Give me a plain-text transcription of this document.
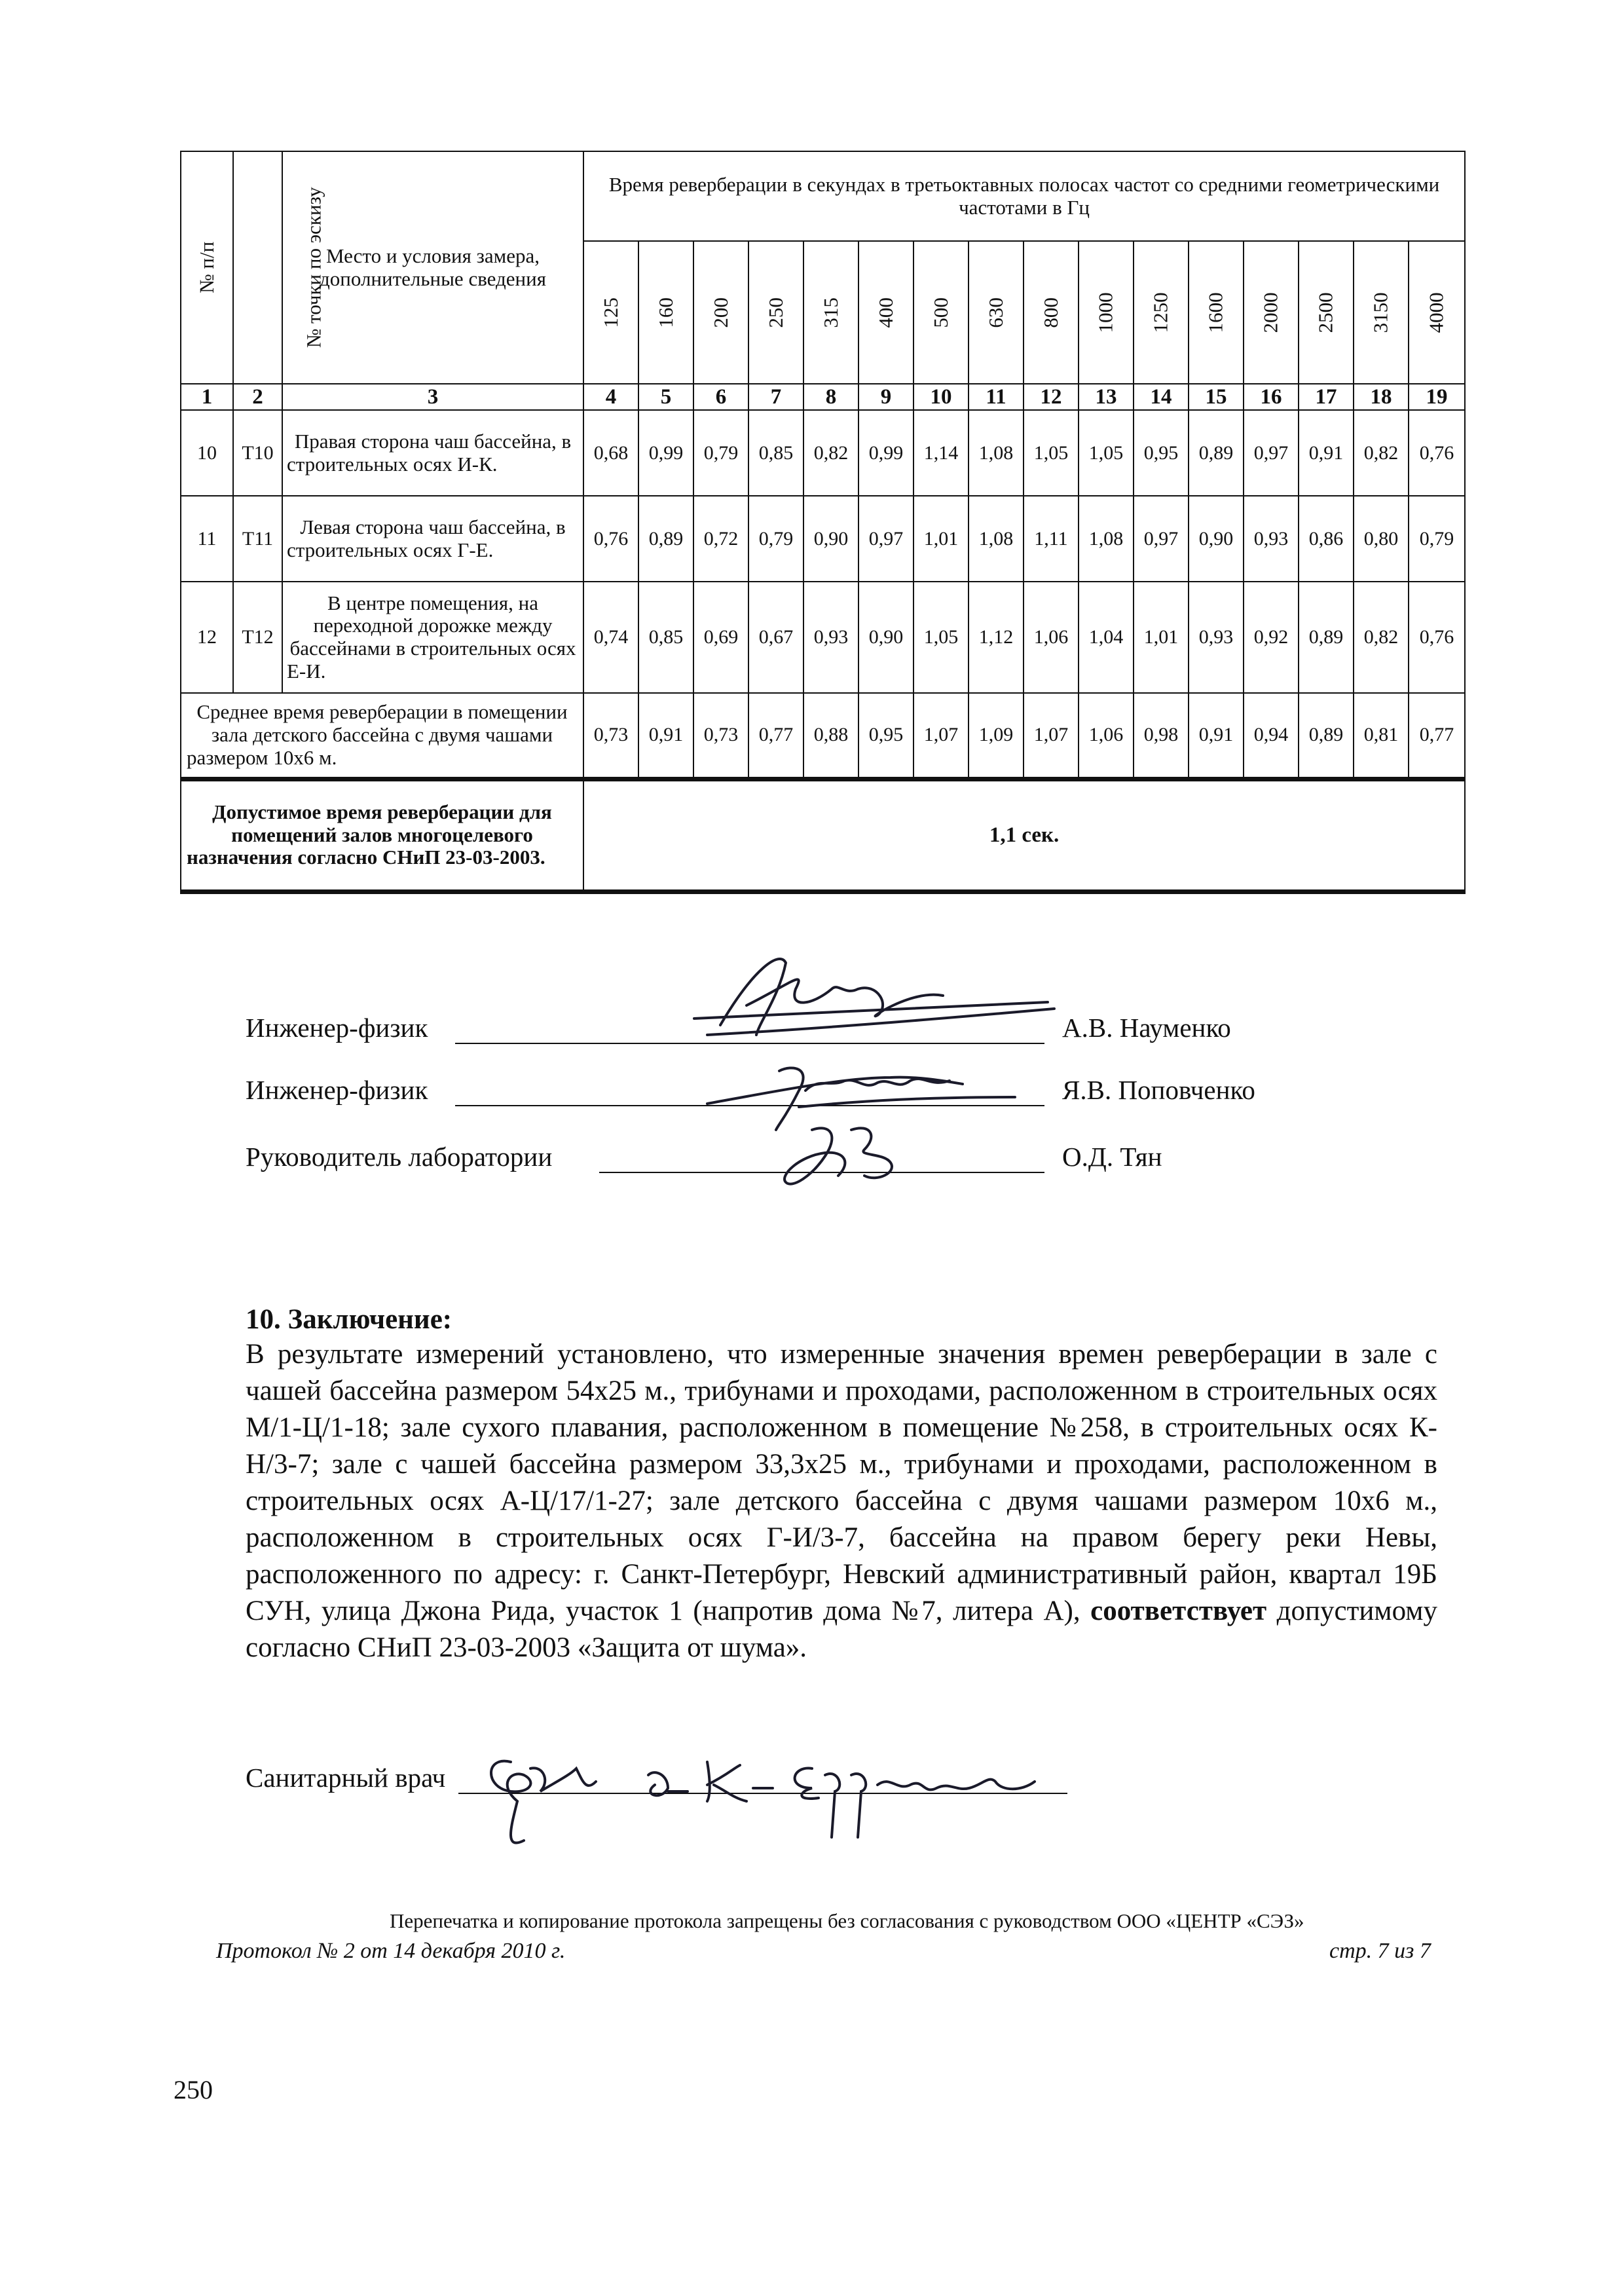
№ п/п	№ точки по эскизу	Место и условия замера, дополнительные сведения	Время реверберации в секундах в третьоктавных полосах частот со средними геометрическими частотами в Гц															
			125	160	200	250	315	400	500	630	800	1000	1250	1600	2000	2500	3150	4000
1	2	3	4	5	6	7	8	9	10	11	12	13	14	15	16	17	18	19
10	Т10	Правая сторона чаш бассейна, в строительных осях И-К.	0,68	0,99	0,79	0,85	0,82	0,99	1,14	1,08	1,05	1,05	0,95	0,89	0,97	0,91	0,82	0,76
11	Т11	Левая сторона чаш бассейна, в строительных осях Г-Е.	0,76	0,89	0,72	0,79	0,90	0,97	1,01	1,08	1,11	1,08	0,97	0,90	0,93	0,86	0,80	0,79
12	Т12	В центре помещения, на переходной дорожке между бассейнами в строительных осях Е-И.	0,74	0,85	0,69	0,67	0,93	0,90	1,05	1,12	1,06	1,04	1,01	0,93	0,92	0,89	0,82	0,76
Среднее время реверберации в помещении зала детского бассейна с двумя чашами размером 10х6 м.			0,73	0,91	0,73	0,77	0,88	0,95	1,07	1,09	1,07	1,06	0,98	0,91	0,94	0,89	0,81	0,77
Допустимое время реверберации для помещений залов многоцелевого назначения согласно СНиП 23-03-2003.			1,1 сек.															
Инженер-физик	А.В. Науменко
Инженер-физик	Я.В. Поповченко
Руководитель лаборатории	О.Д. Тян
10. Заключение:
В результате измерений установлено, что измеренные значения времен реверберации в зале с чашей бассейна размером 54х25 м., трибунами и проходами, расположенном в строительных осях М/1-Ц/1-18; зале сухого плавания, расположенном в помещение №258, в строительных осях К-Н/3-7; зале с чашей бассейна размером 33,3х25 м., трибунами и проходами, расположенном в строительных осях А-Ц/17/1-27; зале детского бассейна с двумя чашами размером 10х6 м., расположенном в строительных осях Г-И/3-7, бассейна на правом берегу реки Невы, расположенного по адресу: г. Санкт-Петербург, Невский административный район, квартал 19Б СУН, улица Джона Рида, участок 1 (напротив дома №7, литера А), соответствует допустимому согласно СНиП 23-03-2003 «Защита от шума».
Санитарный врач
Перепечатка и копирование протокола запрещены без согласования с руководством ООО «ЦЕНТР «СЭЗ»
Протокол № 2 от 14 декабря 2010 г.	стр. 7 из 7
250
